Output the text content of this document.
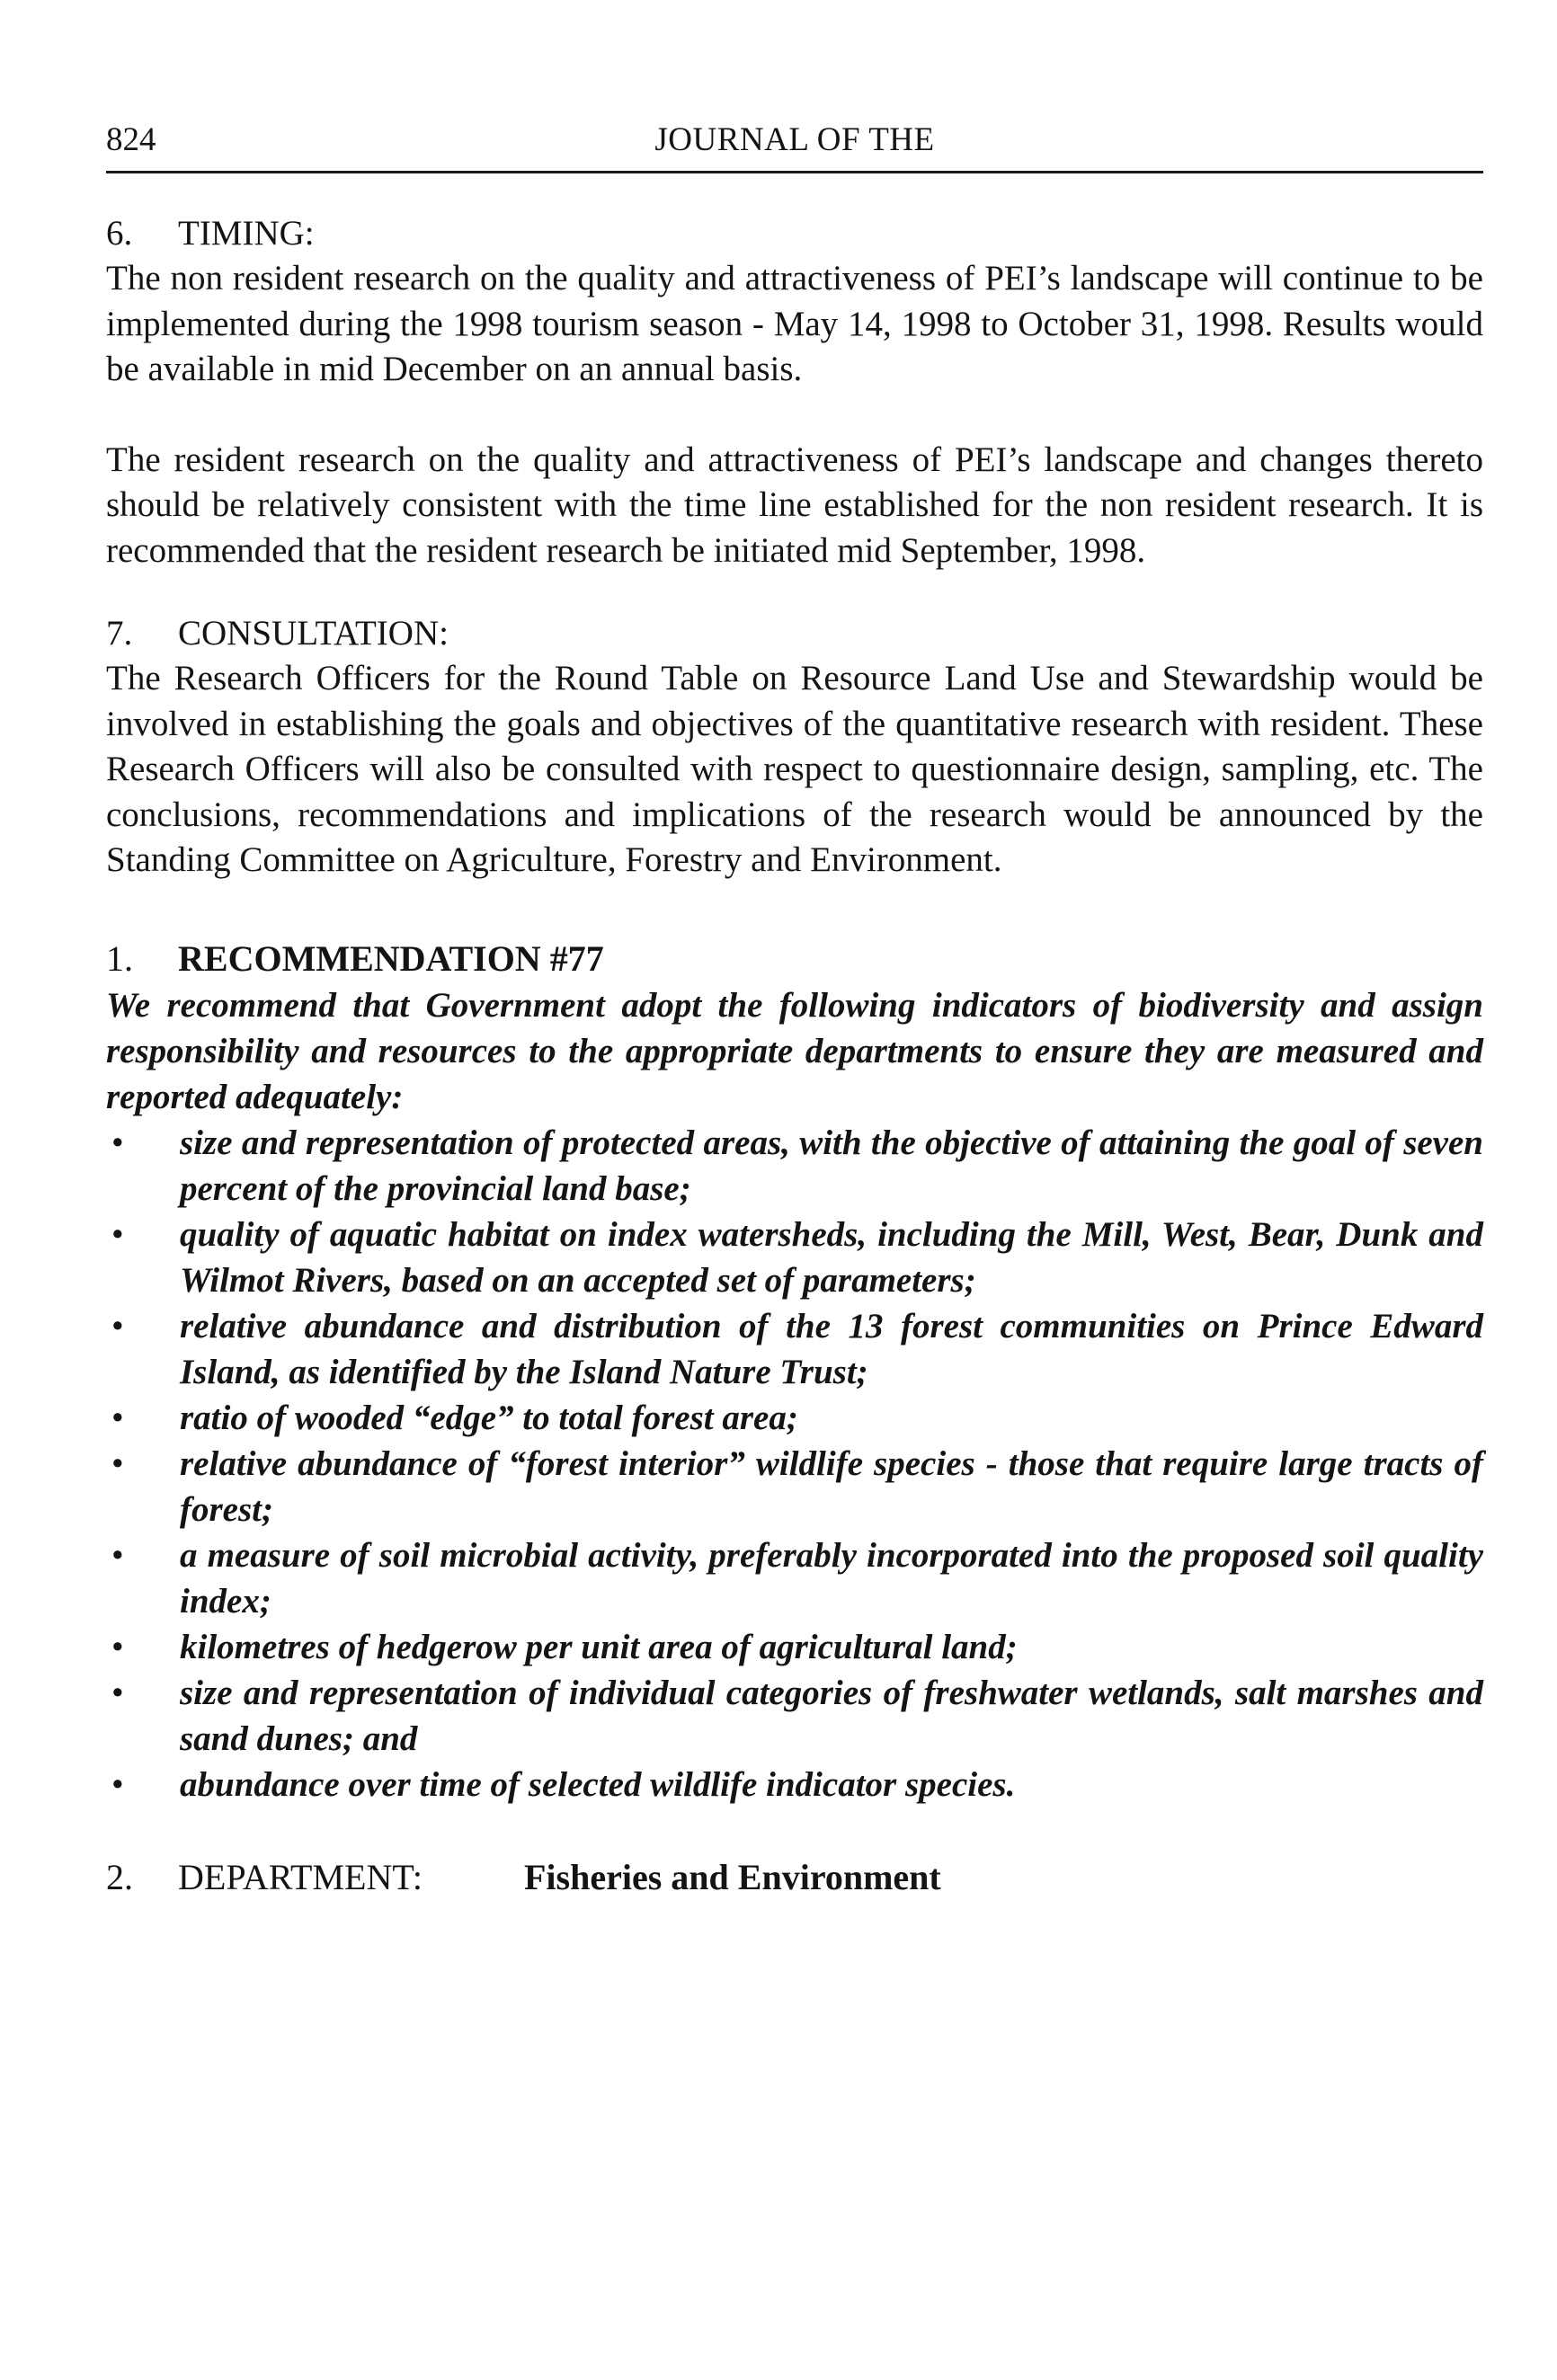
824	JOURNAL OF THE
6. TIMING:

The non resident research on the quality and attractiveness of PEI’s landscape will continue to be implemented during the 1998 tourism season - May 14, 1998 to October 31, 1998. Results would be available in mid December on an annual basis.

The resident research on the quality and attractiveness of PEI’s landscape and changes thereto should be relatively consistent with the time line established for the non resident research. It is recommended that the resident research be initiated mid September, 1998.

7. CONSULTATION:

The Research Officers for the Round Table on Resource Land Use and Stewardship would be involved in establishing the goals and objectives of the quantitative research with resident. These Research Officers will also be consulted with respect to questionnaire design, sampling, etc. The conclusions, recommendations and implications of the research would be announced by the Standing Committee on Agriculture, Forestry and Environment.

1. RECOMMENDATION #77
We recommend that Government adopt the following indicators of biodiversity and assign responsibility and resources to the appropriate departments to ensure they are measured and reported adequately:
•	size and representation of protected areas, with the objective of attaining the goal of seven percent of the provincial land base;
•	quality of aquatic habitat on index watersheds, including the Mill, West, Bear, Dunk and Wilmot Rivers, based on an accepted set of parameters;
•	relative abundance and distribution of the 13 forest communities on Prince Edward Island, as identified by the Island Nature Trust;
•	ratio of wooded “edge” to total forest area;
•	relative abundance of “forest interior” wildlife species - those that require large tracts of forest;
•	a measure of soil microbial activity, preferably incorporated into the proposed soil quality index;
•	kilometres of hedgerow per unit area of agricultural land;
•	size and representation of individual categories of freshwater wetlands, salt marshes and sand dunes; and
•	abundance over time of selected wildlife indicator species.
2. DEPARTMENT:	Fisheries and Environment
